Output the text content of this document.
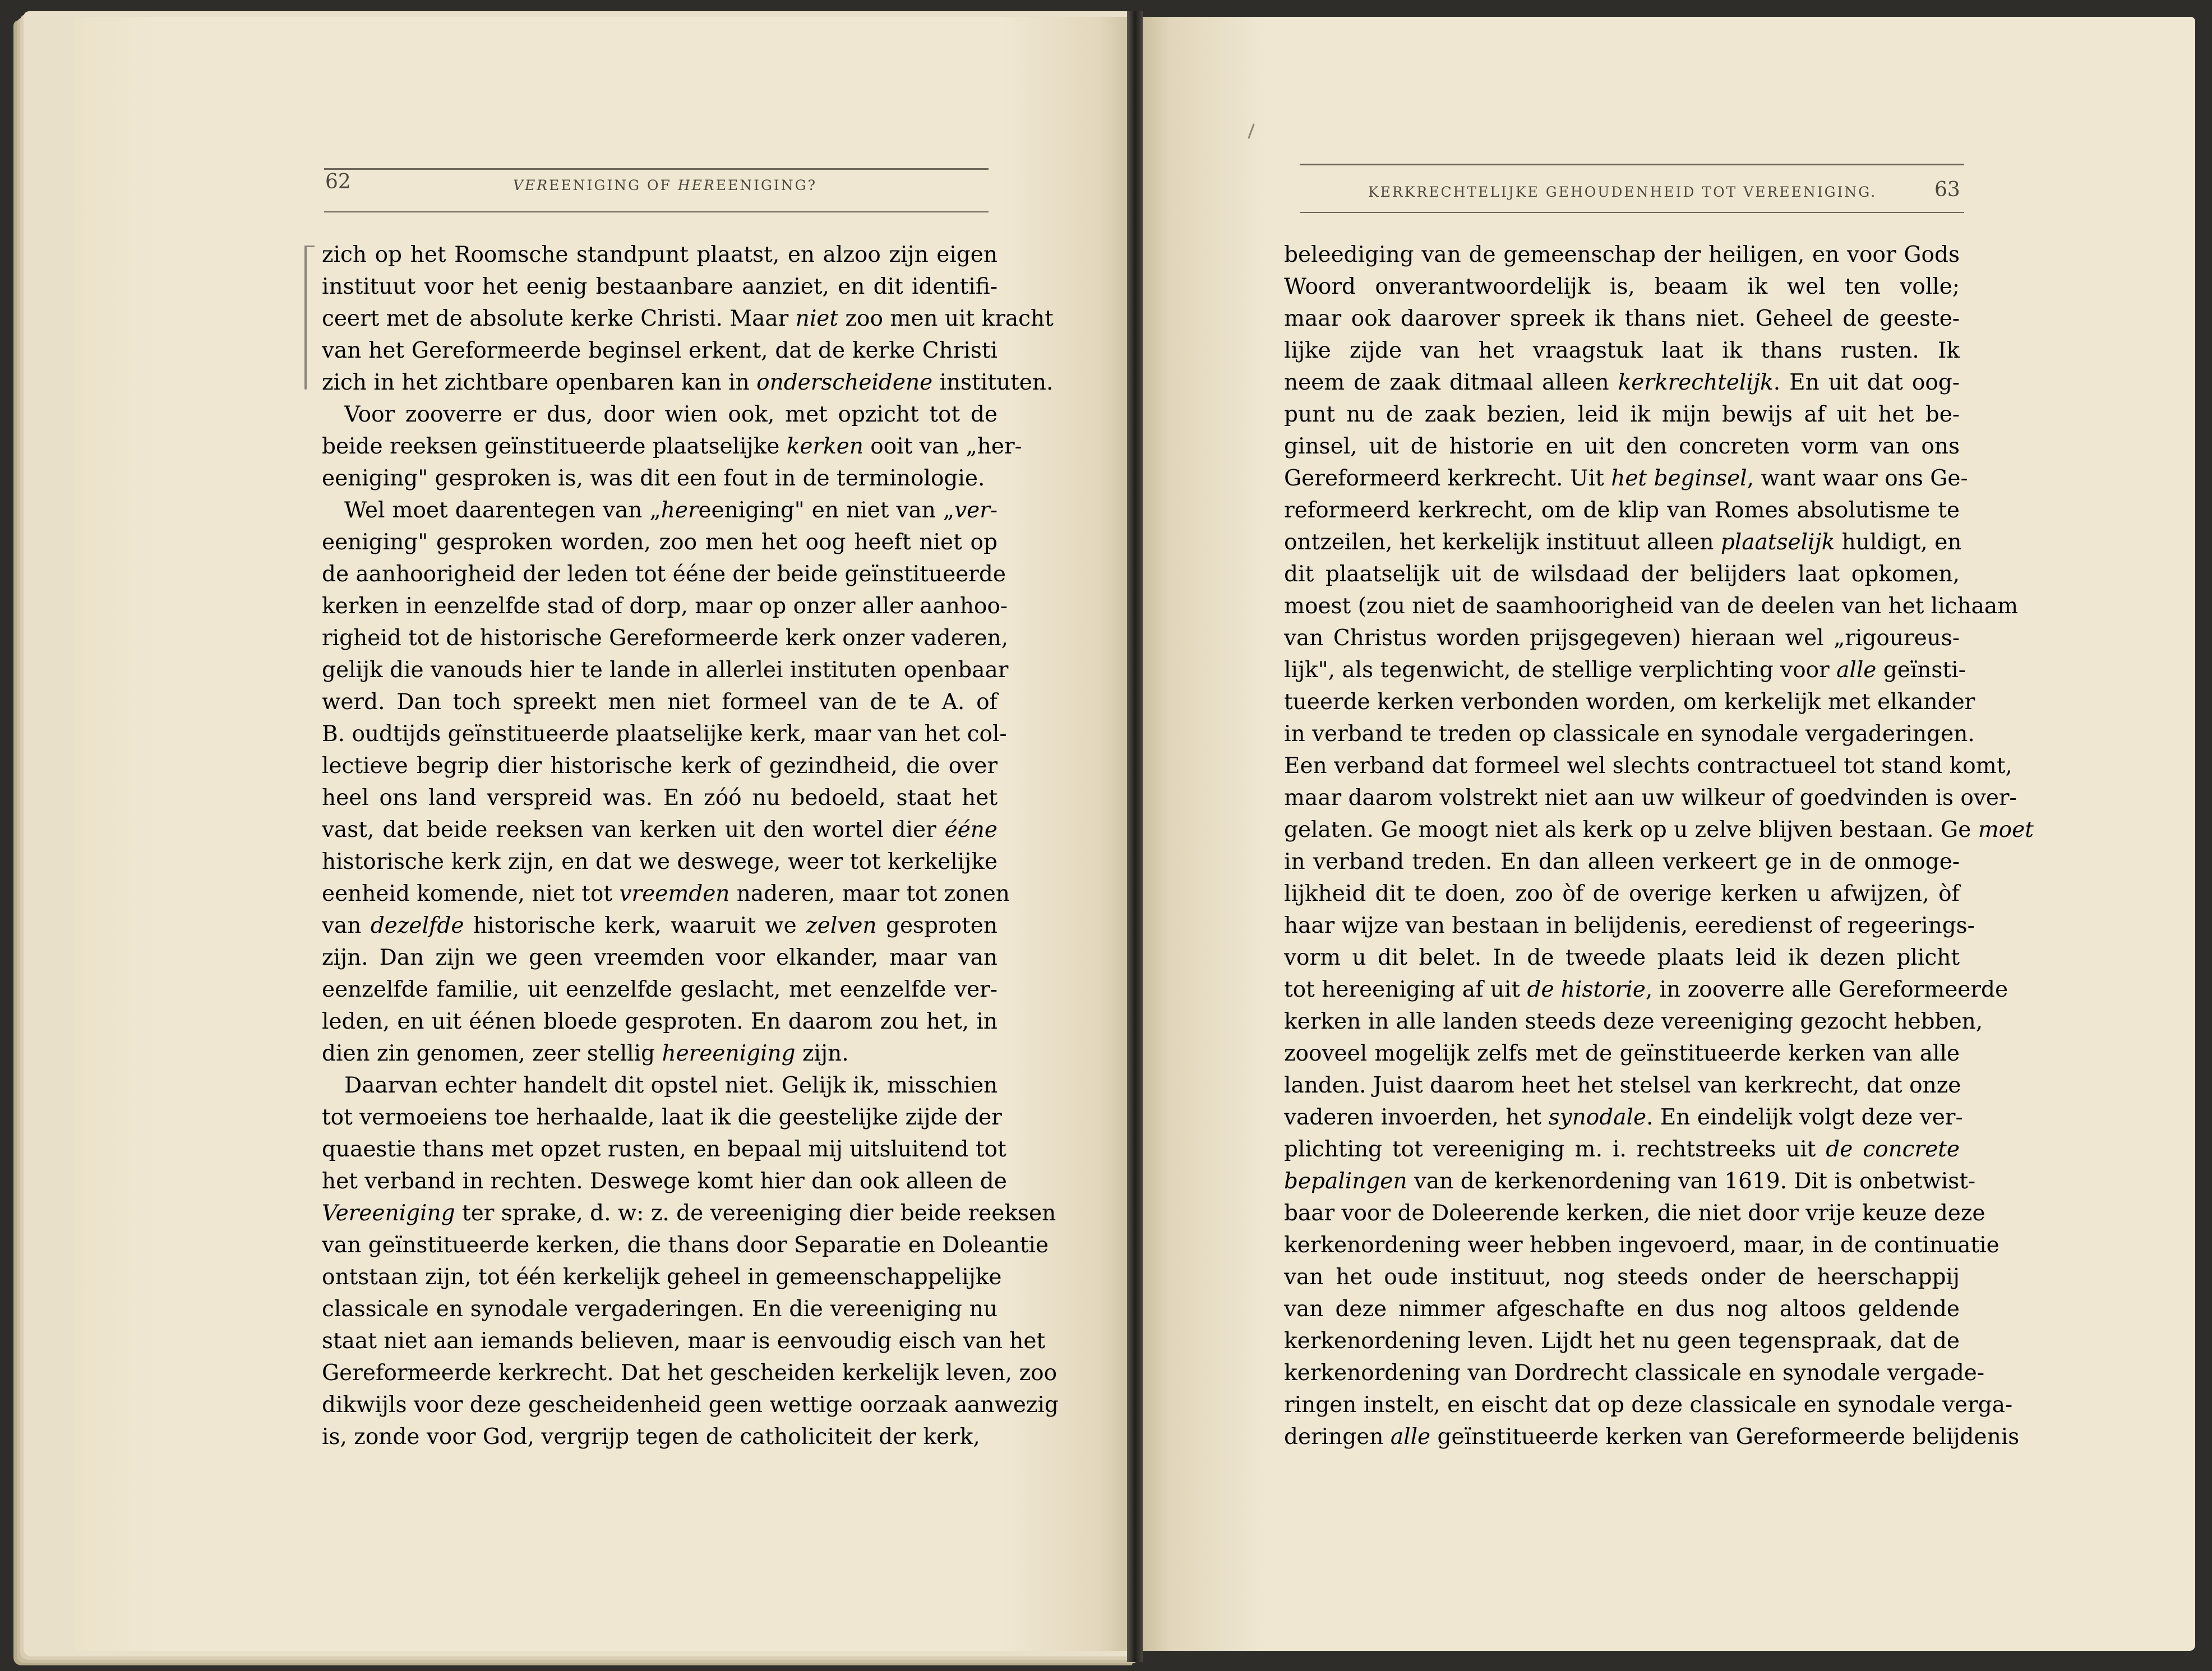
62	VEREENIGING OF HEREENIGING?	KERKRECHTELIJKE GEHOUDENHEID TOT VEREENIGING.	63
zich op het Roomsche standpunt plaatst, en alzoo zijn eigen
instituut voor het eenig bestaanbare aanziet, en dit identifi-
ceert met de absolute kerke Christi. Maar niet zoo men uit kracht
van het Gereformeerde beginsel erkent, dat de kerke Christi
zich in het zichtbare openbaren kan in onderscheidene instituten.
Voor zooverre er dus, door wien ook, met opzicht tot de
beide reeksen geïnstitueerde plaatselijke kerken ooit van „her-
eeniging" gesproken is, was dit een fout in de terminologie.
Wel moet daarentegen van „hereeniging" en niet van „ver-
eeniging" gesproken worden, zoo men het oog heeft niet op
de aanhoorigheid der leden tot ééne der beide geïnstitueerde
kerken in eenzelfde stad of dorp, maar op onzer aller aanhoo-
righeid tot de historische Gereformeerde kerk onzer vaderen,
gelijk die vanouds hier te lande in allerlei instituten openbaar
werd. Dan toch spreekt men niet formeel van de te A. of
B. oudtijds geïnstitueerde plaatselijke kerk, maar van het col-
lectieve begrip dier historische kerk of gezindheid, die over
heel ons land verspreid was. En zóó nu bedoeld, staat het
vast, dat beide reeksen van kerken uit den wortel dier ééne
historische kerk zijn, en dat we deswege, weer tot kerkelijke
eenheid komende, niet tot vreemden naderen, maar tot zonen
van dezelfde historische kerk, waaruit we zelven gesproten
zijn. Dan zijn we geen vreemden voor elkander, maar van
eenzelfde familie, uit eenzelfde geslacht, met eenzelfde ver-
leden, en uit éénen bloede gesproten. En daarom zou het, in
dien zin genomen, zeer stellig hereeniging zijn.
Daarvan echter handelt dit opstel niet. Gelijk ik, misschien
tot vermoeiens toe herhaalde, laat ik die geestelijke zijde der
quaestie thans met opzet rusten, en bepaal mij uitsluitend tot
het verband in rechten. Deswege komt hier dan ook alleen de
Vereeniging ter sprake, d. w: z. de vereeniging dier beide reeksen
van geïnstitueerde kerken, die thans door Separatie en Doleantie
ontstaan zijn, tot één kerkelijk geheel in gemeenschappelijke
classicale en synodale vergaderingen. En die vereeniging nu
staat niet aan iemands believen, maar is eenvoudig eisch van het
Gereformeerde kerkrecht. Dat het gescheiden kerkelijk leven, zoo
dikwijls voor deze gescheidenheid geen wettige oorzaak aanwezig
is, zonde voor God, vergrijp tegen de catholiciteit der kerk,
beleediging van de gemeenschap der heiligen, en voor Gods
Woord onverantwoordelijk is, beaam ik wel ten volle;
maar ook daarover spreek ik thans niet. Geheel de geeste-
lijke zijde van het vraagstuk laat ik thans rusten. Ik
neem de zaak ditmaal alleen kerkrechtelijk. En uit dat oog-
punt nu de zaak bezien, leid ik mijn bewijs af uit het be-
ginsel, uit de historie en uit den concreten vorm van ons
Gereformeerd kerkrecht. Uit het beginsel, want waar ons Ge-
reformeerd kerkrecht, om de klip van Romes absolutisme te
ontzeilen, het kerkelijk instituut alleen plaatselijk huldigt, en
dit plaatselijk uit de wilsdaad der belijders laat opkomen,
moest (zou niet de saamhoorigheid van de deelen van het lichaam
van Christus worden prijsgegeven) hieraan wel „rigoureus-
lijk", als tegenwicht, de stellige verplichting voor alle geïnsti-
tueerde kerken verbonden worden, om kerkelijk met elkander
in verband te treden op classicale en synodale vergaderingen.
Een verband dat formeel wel slechts contractueel tot stand komt,
maar daarom volstrekt niet aan uw wilkeur of goedvinden is over-
gelaten. Ge moogt niet als kerk op u zelve blijven bestaan. Ge moet
in verband treden. En dan alleen verkeert ge in de onmoge-
lijkheid dit te doen, zoo òf de overige kerken u afwijzen, òf
haar wijze van bestaan in belijdenis, eeredienst of regeerings-
vorm u dit belet. In de tweede plaats leid ik dezen plicht
tot hereeniging af uit de historie, in zooverre alle Gereformeerde
kerken in alle landen steeds deze vereeniging gezocht hebben,
zooveel mogelijk zelfs met de geïnstitueerde kerken van alle
landen. Juist daarom heet het stelsel van kerkrecht, dat onze
vaderen invoerden, het synodale. En eindelijk volgt deze ver-
plichting tot vereeniging m. i. rechtstreeks uit de concrete
bepalingen van de kerkenordening van 1619. Dit is onbetwist-
baar voor de Doleerende kerken, die niet door vrije keuze deze
kerkenordening weer hebben ingevoerd, maar, in de continuatie
van het oude instituut, nog steeds onder de heerschappij
van deze nimmer afgeschafte en dus nog altoos geldende
kerkenordening leven. Lijdt het nu geen tegenspraak, dat de
kerkenordening van Dordrecht classicale en synodale vergade-
ringen instelt, en eischt dat op deze classicale en synodale verga-
deringen alle geïnstitueerde kerken van Gereformeerde belijdenis
